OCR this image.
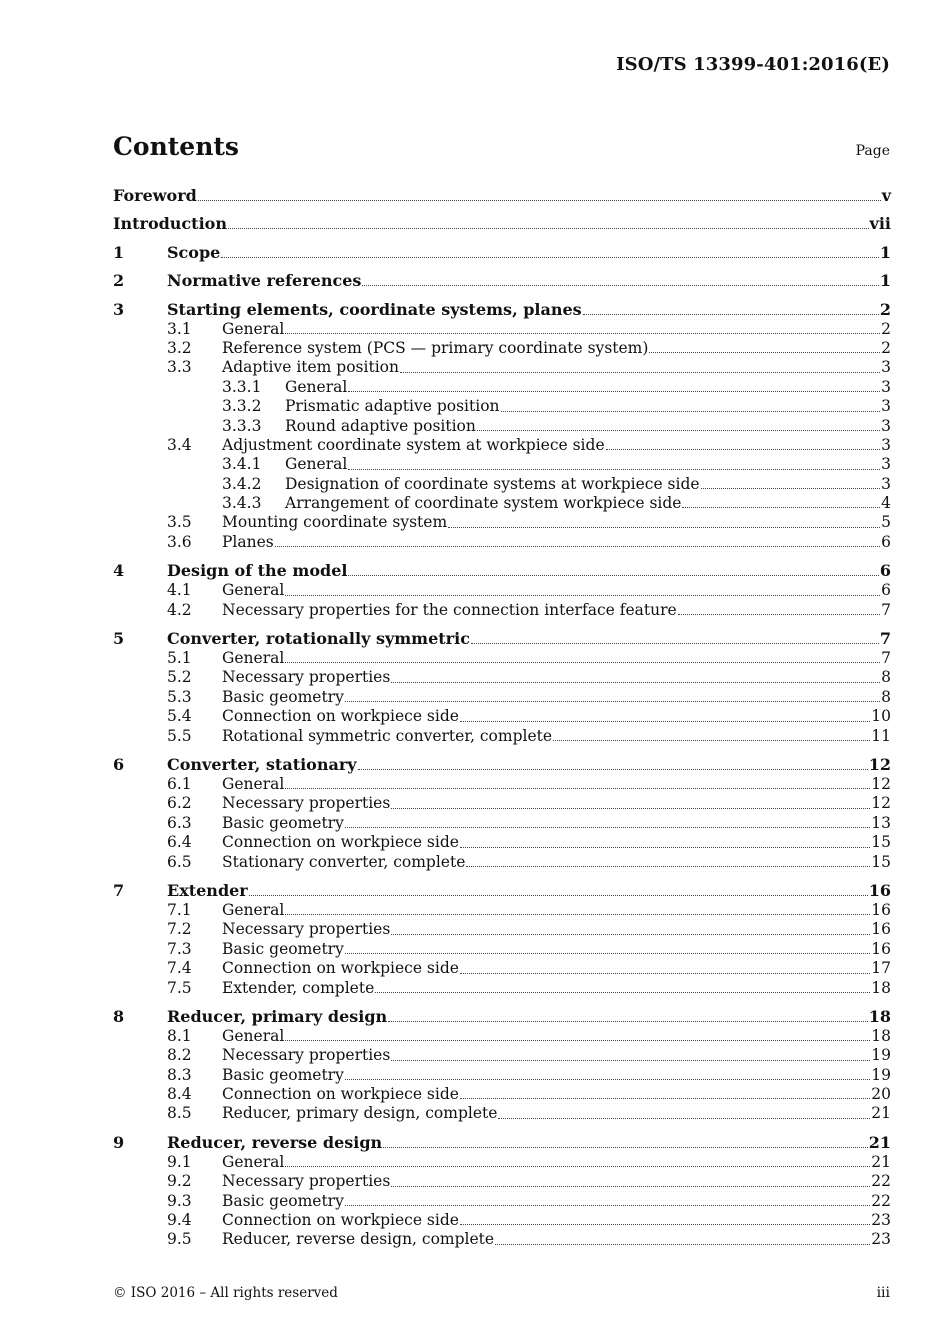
ISO/TS 13399-401:2016(E)
Contents	Page
Foreword	v
Introduction	vii
1	Scope	1
2	Normative references	1
3	Starting elements, coordinate systems, planes	2
3.1 General	2
3.2 Reference system (PCS — primary coordinate system)	2
3.3 Adaptive item position	3
3.3.1 General	3
3.3.2 Prismatic adaptive position	3
3.3.3 Round adaptive position	3
3.4 Adjustment coordinate system at workpiece side	3
3.4.1 General	3
3.4.2 Designation of coordinate systems at workpiece side	3
3.4.3 Arrangement of coordinate system workpiece side	4
3.5 Mounting coordinate system	5
3.6 Planes	6
4	Design of the model	6
4.1 General	6
4.2 Necessary properties for the connection interface feature	7
5	Converter, rotationally symmetric	7
5.1 General	7
5.2 Necessary properties	8
5.3 Basic geometry	8
5.4 Connection on workpiece side	10
5.5 Rotational symmetric converter, complete	11
6	Converter, stationary	12
6.1 General	12
6.2 Necessary properties	12
6.3 Basic geometry	13
6.4 Connection on workpiece side	15
6.5 Stationary converter, complete	15
7	Extender	16
7.1 General	16
7.2 Necessary properties	16
7.3 Basic geometry	16
7.4 Connection on workpiece side	17
7.5 Extender, complete	18
8	Reducer, primary design	18
8.1 General	18
8.2 Necessary properties	19
8.3 Basic geometry	19
8.4 Connection on workpiece side	20
8.5 Reducer, primary design, complete	21
9	Reducer, reverse design	21
9.1 General	21
9.2 Necessary properties	22
9.3 Basic geometry	22
9.4 Connection on workpiece side	23
9.5 Reducer, reverse design, complete	23
© ISO 2016 – All rights reserved	iii
